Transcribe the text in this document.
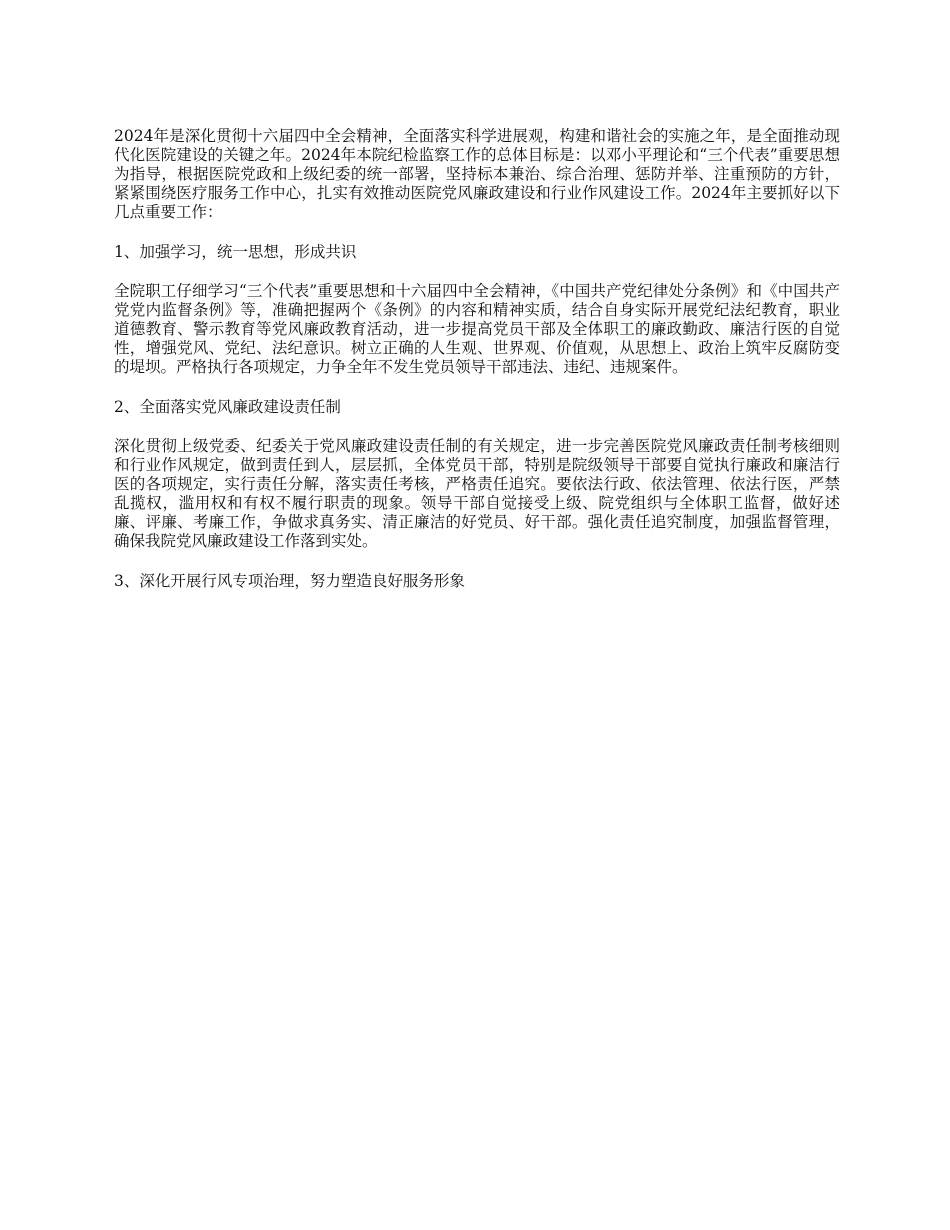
2024年是深化贯彻十六届四中全会精神，全面落实科学进展观，构建和谐社会的实施之年，是全面推动现代化医院建设的关键之年。2024年本院纪检监察工作的总体目标是：以邓小平理论和“三个代表”重要思想为指导，根据医院党政和上级纪委的统一部署，坚持标本兼治、综合治理、惩防并举、注重预防的方针，紧紧围绕医疗服务工作中心，扎实有效推动医院党风廉政建设和行业作风建设工作。2024年主要抓好以下几点重要工作：

1、加强学习，统一思想，形成共识

全院职工仔细学习“三个代表”重要思想和十六届四中全会精神，《中国共产党纪律处分条例》和《中国共产党党内监督条例》等，准确把握两个《条例》的内容和精神实质，结合自身实际开展党纪法纪教育，职业道德教育、警示教育等党风廉政教育活动，进一步提高党员干部及全体职工的廉政勤政、廉洁行医的自觉性，增强党风、党纪、法纪意识。树立正确的人生观、世界观、价值观，从思想上、政治上筑牢反腐防变的堤坝。严格执行各项规定，力争全年不发生党员领导干部违法、违纪、违规案件。

2、全面落实党风廉政建设责任制

深化贯彻上级党委、纪委关于党风廉政建设责任制的有关规定，进一步完善医院党风廉政责任制考核细则和行业作风规定，做到责任到人，层层抓，全体党员干部，特别是院级领导干部要自觉执行廉政和廉洁行医的各项规定，实行责任分解，落实责任考核，严格责任追究。要依法行政、依法管理、依法行医，严禁乱揽权，滥用权和有权不履行职责的现象。领导干部自觉接受上级、院党组织与全体职工监督，做好述廉、评廉、考廉工作，争做求真务实、清正廉洁的好党员、好干部。强化责任追究制度，加强监督管理，确保我院党风廉政建设工作落到实处。

3、深化开展行风专项治理，努力塑造良好服务形象
